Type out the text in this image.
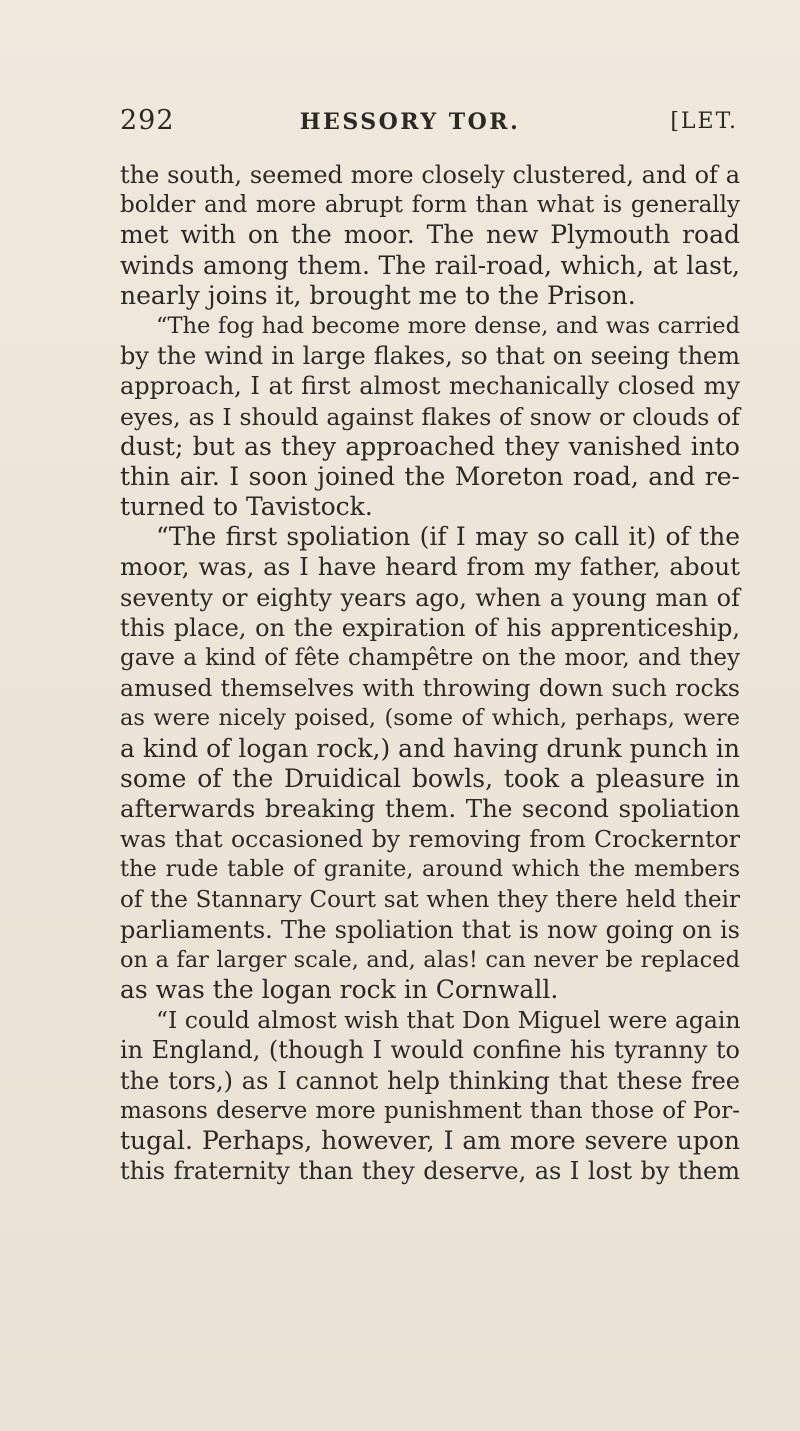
292	HESSORY TOR.	[LET.
the south, seemed more closely clustered, and of a
bolder and more abrupt form than what is generally
met with on the moor. The new Plymouth road
winds among them. The rail-road, which, at last,
nearly joins it, brought me to the Prison.
“The fog had become more dense, and was carried
by the wind in large flakes, so that on seeing them
approach, I at first almost mechanically closed my
eyes, as I should against flakes of snow or clouds of
dust; but as they approached they vanished into
thin air. I soon joined the Moreton road, and re-
turned to Tavistock.
“The first spoliation (if I may so call it) of the
moor, was, as I have heard from my father, about
seventy or eighty years ago, when a young man of
this place, on the expiration of his apprenticeship,
gave a kind of fête champêtre on the moor, and they
amused themselves with throwing down such rocks
as were nicely poised, (some of which, perhaps, were
a kind of logan rock,) and having drunk punch in
some of the Druidical bowls, took a pleasure in
afterwards breaking them. The second spoliation
was that occasioned by removing from Crockerntor
the rude table of granite, around which the members
of the Stannary Court sat when they there held their
parliaments. The spoliation that is now going on is
on a far larger scale, and, alas! can never be replaced
as was the logan rock in Cornwall.
“I could almost wish that Don Miguel were again
in England, (though I would confine his tyranny to
the tors,) as I cannot help thinking that these free
masons deserve more punishment than those of Por-
tugal. Perhaps, however, I am more severe upon
this fraternity than they deserve, as I lost by them
